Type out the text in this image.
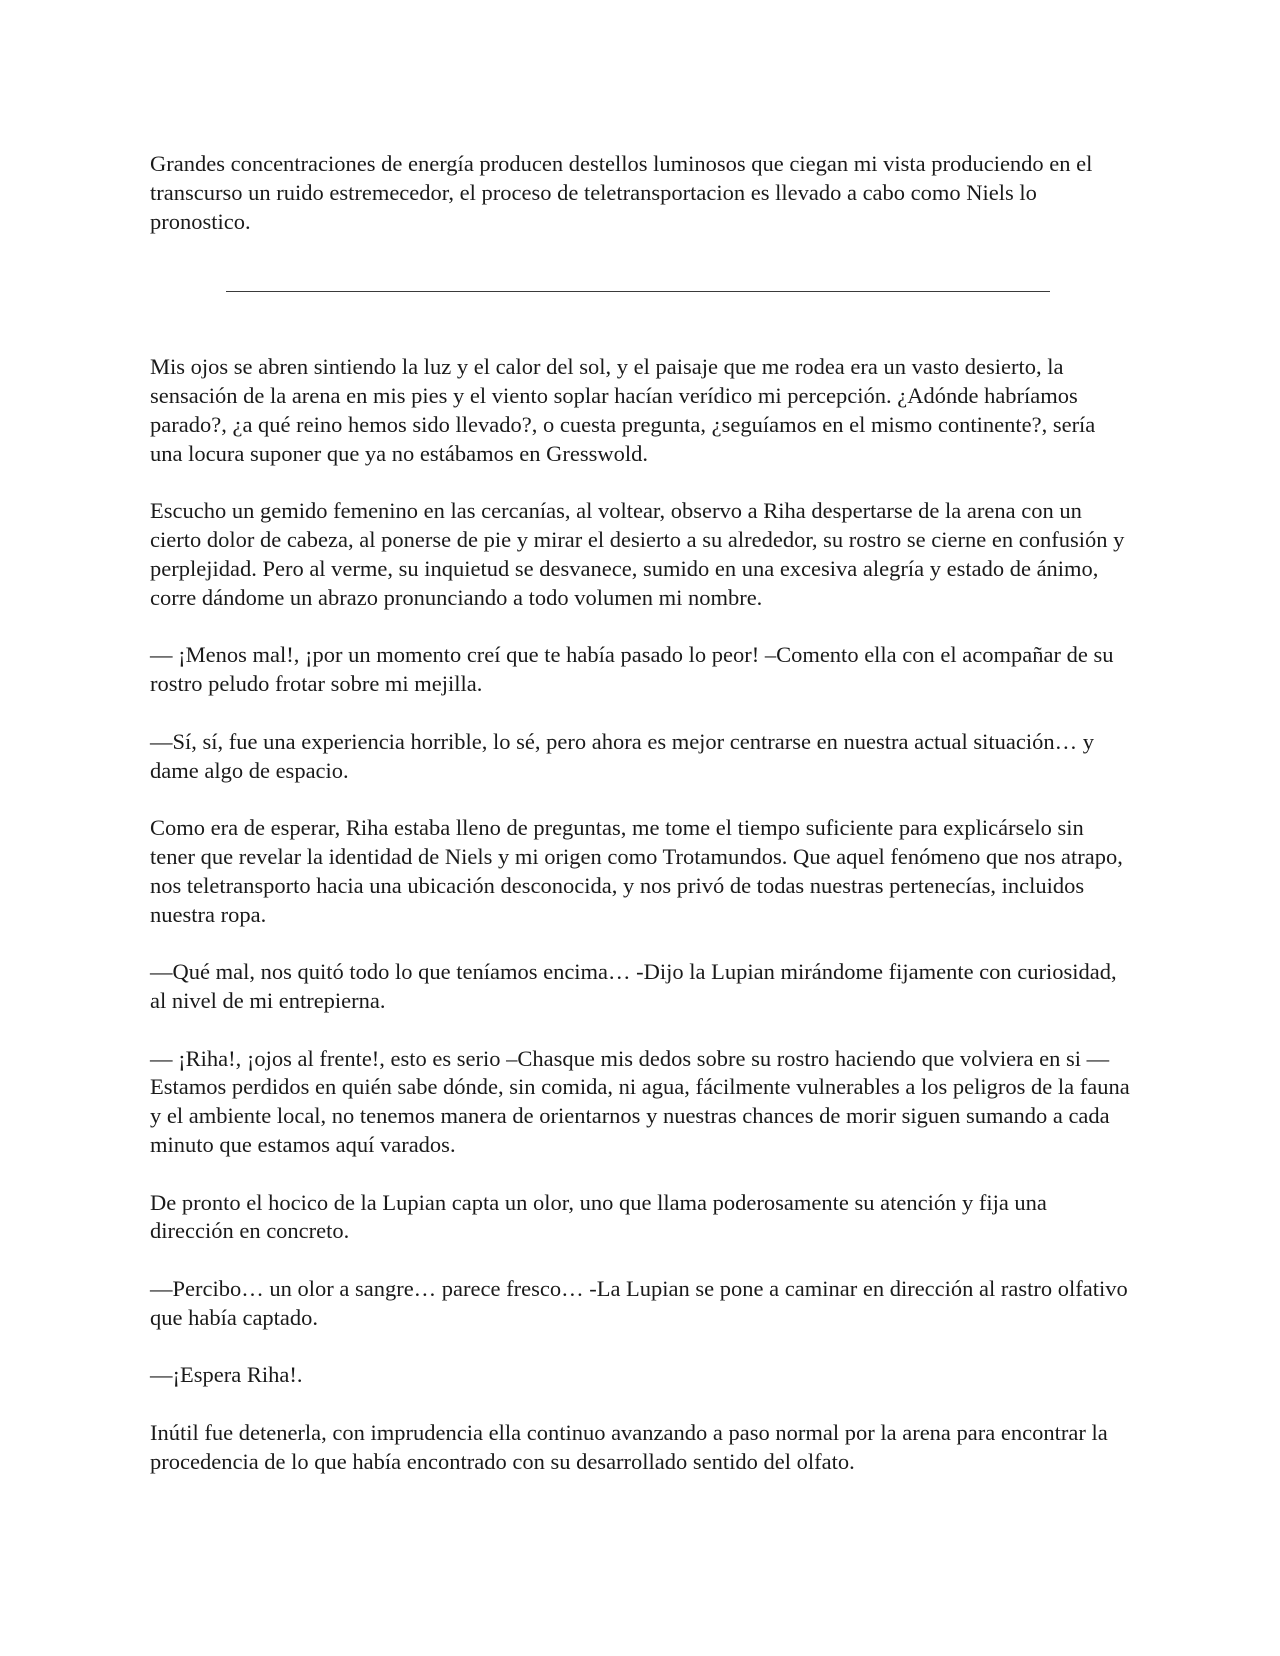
Grandes concentraciones de energía producen destellos luminosos que ciegan mi vista produciendo en el transcurso un ruido estremecedor, el proceso de teletransportacion es llevado a cabo como Niels lo pronostico.

Mis ojos se abren sintiendo la luz y el calor del sol, y el paisaje que me rodea era un vasto desierto, la sensación de la arena en mis pies y el viento soplar hacían verídico mi percepción. ¿Adónde habríamos parado?, ¿a qué reino hemos sido llevado?, o cuesta pregunta, ¿seguíamos en el mismo continente?, sería una locura suponer que ya no estábamos en Gresswold.

Escucho un gemido femenino en las cercanías, al voltear, observo a Riha despertarse de la arena con un cierto dolor de cabeza, al ponerse de pie y mirar el desierto a su alrededor, su rostro se cierne en confusión y perplejidad. Pero al verme, su inquietud se desvanece, sumido en una excesiva alegría y estado de ánimo, corre dándome un abrazo pronunciando a todo volumen mi nombre.

— ¡Menos mal!, ¡por un momento creí que te había pasado lo peor! –Comento ella con el acompañar de su rostro peludo frotar sobre mi mejilla.

—Sí, sí, fue una experiencia horrible, lo sé, pero ahora es mejor centrarse en nuestra actual situación… y dame algo de espacio.

Como era de esperar, Riha estaba lleno de preguntas, me tome el tiempo suficiente para explicárselo sin tener que revelar la identidad de Niels y mi origen como Trotamundos. Que aquel fenómeno que nos atrapo, nos teletransporto hacia una ubicación desconocida, y nos privó de todas nuestras pertenecías, incluidos nuestra ropa.

—Qué mal, nos quitó todo lo que teníamos encima… -Dijo la Lupian mirándome fijamente con curiosidad, al nivel de mi entrepierna.

— ¡Riha!, ¡ojos al frente!, esto es serio –Chasque mis dedos sobre su rostro haciendo que volviera en si —Estamos perdidos en quién sabe dónde, sin comida, ni agua, fácilmente vulnerables a los peligros de la fauna y el ambiente local, no tenemos manera de orientarnos y nuestras chances de morir siguen sumando a cada minuto que estamos aquí varados.

De pronto el hocico de la Lupian capta un olor, uno que llama poderosamente su atención y fija una dirección en concreto.

—Percibo… un olor a sangre… parece fresco… -La Lupian se pone a caminar en dirección al rastro olfativo que había captado.

—¡Espera Riha!.

Inútil fue detenerla, con imprudencia ella continuo avanzando a paso normal por la arena para encontrar la procedencia de lo que había encontrado con su desarrollado sentido del olfato.
